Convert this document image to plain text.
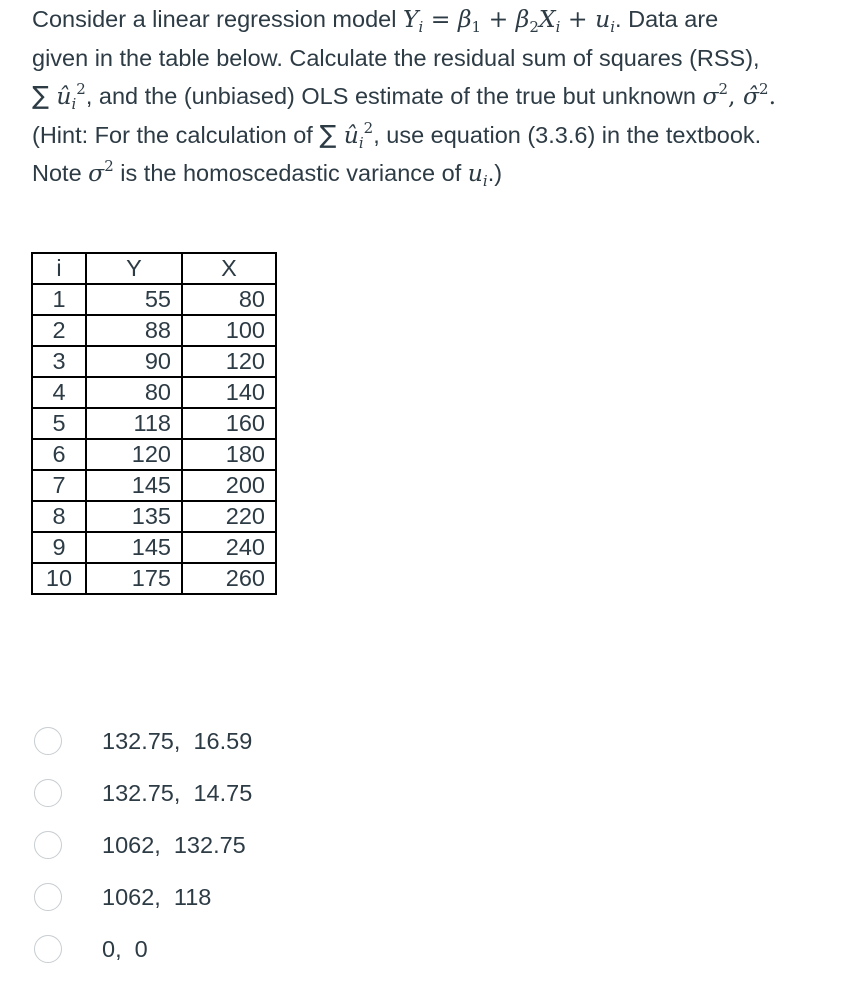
Consider a linear regression model $Y_i = \beta_1 + \beta_2X_i + u_i$. Data are
given in the table below. Calculate the residual sum of squares (RSS),
∑ $û_i^2$, and the (unbiased) OLS estimate of the true but unknown $\sigma^2$, σ̂$^2$.
(Hint: For the calculation of ∑ $û_i^2$, use equation (3.3.6) in the textbook.
Note $\sigma^2$ is the homoscedastic variance of $u_i$.)
i	Y	X
1	55	80
2	88	100
3	90	120
4	80	140
5	118	160
6	120	180
7	145	200
8	135	220
9	145	240
10	175	260
132.75,  16.59
132.75,  14.75
1062,  132.75
1062,  118
0,  0
